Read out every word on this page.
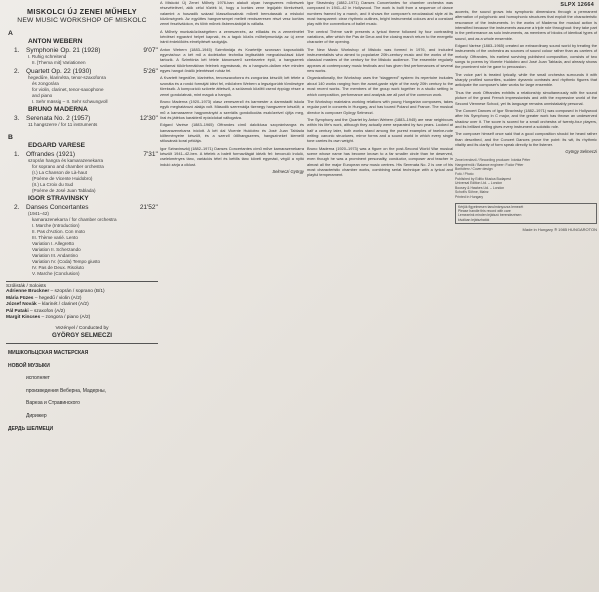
MISKOLCI ÚJ ZENEI MŰHELY
NEW MUSIC WORKSHOP OF MISKOLC
A
ANTON WEBERN
1.	Symphonie Op. 21 (1928)	9'07''
I. Ruhig schreitend
II. [Thema mit] Variationen
2.	Quartett Op. 22 (1930)	5'26''
hegedűre, klarinétra, tenor-szaxofonra
és zongorára
for violin, clarinet, tenor-saxophone
and piano
I. Sehr mässig – II. Sehr schwungvoll
BRUNO MADERNA
3.	Serenata No. 2 (1957)	12'30''
11 hangszerre / for 11 instruments
B
EDGARD VARESE
1.	Offrandes (1921)	7'31''
szoprán hangra és kamarazenekarra
for soprano and chamber orchestra
(I.) La Chanson de Là-haut
(Poème de Vicente Huidobro)
(II.) La Croix du Sud
(Poème de José Juan Tablada)
IGOR STRAVINSKY
2.	Danses Concertantes	21'52''
(1941–42)
kamarazenekarra / for chamber orchestra
I. Marche (Introduction)
II. Pas d'Action. Con moto
III. Thème varié. Lento
Variation I. Allegretto
Variation II. Scherzando
Variation III. Andantino
Variation IV. (Coda) Tempo giusto
IV. Pas de Deux. Risoluto
V. Marche (Conclusion)
Szólisták / Soloists
Adrienne Bruckner – szoprán / soprano (B/1)
Mária Füzes – hegedű / violin (A/2)
József Novák – klarinét / clarinet (A/2)
Pál Pataki – szaxofon (A/2)
Margit Kincses – zongora / piano (A/2)
Vezényel / Conducted by
GYÖRGY SELMECZI
МИШКОЛЬЦСКАЯ МАСТЕРСКАЯ
НОВОЙ МУЗЫКИ
исполняет
произведения Веберна, Мадерны,
Вареза и Стравинского
Дирижер
ДЕРДЬ ШЕЛМЕЦИ

A Miskolci Új Zenei Műhely 1976-ban alakult olyan hangszeres művészek részvételével, akik célul tűzték ki, hogy a kortárs zene legújabb törekvéseit, valamint a huszadik század klasszikusainak műveit bemutassák a miskolci közönségnek. Az együttes hangversenyei mellett rendszeresen részt vesz kortárs zenei fesztiválokon, és több műnek ősbemutatóját is vállalta.

A Műhely munkaközösségében a zeneszerzés, az előadás és a zeneelmélet kérdései egyaránt helyet kapnak, és a tagok közös műhelymunkája az új zene iránti érdeklődés elmélyítését szolgálja.

Anton Webern (1883–1945) Szimfóniája és Kvartettje szorosan kapcsolódik egymáshoz: a két mű a dodekafon technika legtisztább megvalósulásai közé tartozik. A Szimfónia két tétele kánonszerű szerkezetre épül, a hangszerek szólamai tükörformákban felelnek egymásnak, és a hangszín-dallam elve minden egyes hangot önálló jelentéssel ruház fel.

A Kvartett hegedűre, klarinétra, tenorszaxofonra és zongorára készült; két tétele a szonáta és a rondó formáját idézi fel, miközben Webern a legszigorúbb tömörségre törekszik. A kompozíció szövete áttetsző, a szólamok közötti csend éppúgy része a zenei gondolatnak, mint maguk a hangok.

Bruno Maderna (1920–1973) olasz zeneszerző és karmester a darmstadti iskola egyik meghatározó alakja volt. Második szerenádja tizenegy hangszerre készült; a mű a kamarazene hagyományát a szeriális gondolkodás eszközeivel újítja meg, lírai és játékos karakterű epizódokat váltogatva.

Edgard Varèse (1883–1965) Offrandes című dalciklusa szopránhangra és kamarazenekarra íródott. A két dal Vicente Huidobro és José Juan Tablada költeményeire készült, és a szerző ütőhangszeres, hangszíneket kiemelő stílusának korai példája.

Igor Sztravinszkij (1882–1971) Danses Concertantes című műve kamarazenekarra készült 1941–42-ben. A tételek a balett formavilágát idézik fel: bevonuló induló, cselekményes tánc, variációs tétel és kettős tánc követi egymást, végül a nyitó induló zárja a ciklust.

Selmeczi György

Igor Stravinsky (1882–1971) Danses Concertantes for chamber orchestra was composed in 1941–42 in Hollywood. The work is built from a sequence of dance numbers framed by a march, and it shows the composer's neoclassical style at its most transparent: clear rhythmic outlines, bright instrumental colours and a constant play with the conventions of ballet music.

The central Thème varié presents a lyrical theme followed by four contrasting variations, after which the Pas de Deux and the closing march return to the energetic character of the opening.

The New Music Workshop of Miskolc was formed in 1976, and included instrumentalists who aimed to popularize 20th-century music and the works of the classical masters of the century for the Miskolc audience. The ensemble regularly appears at contemporary music festivals and has given first performances of several new works.

Organizationally, the Workshop uses the "staggered" system: its repertoire includes about 140 works ranging from the avant-garde style of the early 20th century to the most recent works. The members of the group work together in a studio setting in which composition, performance and analysis are all part of the common work.

The Workshop maintains working relations with young Hungarian composers, takes regular part in concerts in Hungary, and has toured Poland and France. The musical director is composer György Selmeczi.

The Symphony and the Quartet by Anton Webern (1883–1945) are near neighbours within his life's work, although they actually were separated by two years. Looked at half a century later, both works stand among the purest examples of twelve-note writing: canonic structures, mirror forms and a sound world in which every single tone carries its own weight.

Bruno Maderna (1920–1973) was a figure on the post-Second World War musical scene whose name has become known to a far smaller circle than he deserved, even though he was a prominent personality, conductor, composer and teacher in almost all the major European new music centres. His Serenata No. 2 is one of his most characteristic chamber works, combining serial technique with a lyrical and playful temperament.

SLPX 12664

accents, the sound grows into symphonic dimensions through a permanent alternation of polyphonic and homophonic structures that exploit the characteristic resonance of the instruments. In the works of Maderna the musical action is intensified because the instruments assume a triple role throughout: they take part in the performance as solo instruments, as members of blocks of identical types of sound, and as a whole ensemble.

Edgard Varèse (1883–1965) created an extraordinary sound world by treating the instruments of the orchestra as sources of sound colour rather than as carriers of melody. Offrandes, his earliest surviving published composition, consists of two songs to poems by Vicente Huidobro and José Juan Tablada, and already shows the prominent role he gave to percussion.

The voice part is treated lyrically, while the small orchestra surrounds it with sharply profiled sonorities, sudden dynamic contrasts and rhythmic figures that anticipate the composer's later works for large ensemble.

Thus the work Offrandes exhibits a relationship simultaneously with the sound picture of the grand French impressionists and with the expressive world of the Second Viennese School, yet its language remains unmistakably personal.

The Concert Dances of Igor Stravinsky (1882–1971) was composed in Hollywood after his Symphony in C major, and the greater work has thrown an undeserved shadow over it. The score is scored for a small orchestra of twenty-four players, and its brilliant writing gives every instrument a soloistic role.

The composer himself once said that a good composition should be heard rather than described, and the Concert Dances prove the point: its wit, its rhythmic vitality and its clarity of form speak directly to the listener.

György Selmeczi
Zenei rendező / Recording producer: Ivánka Péter
Hangmérnök / Balance engineer: Fodor Péter
Borítóterv / Cover design
Fotó / Photo
Published by Editio Musica Budapest
Universal Edition Ltd. – London
Boosey & Hawkes Ltd. – London
Schott's Söhne, Mainz
Printed in Hungary
Kérjük figyelmesen tanulmányozza lemezét
Please handle this record with care
Lemezeink minden lejátszó berendezésen
kiválóan lejátszhatók
Made in Hungary ℗ 1985 HUNGAROTON
